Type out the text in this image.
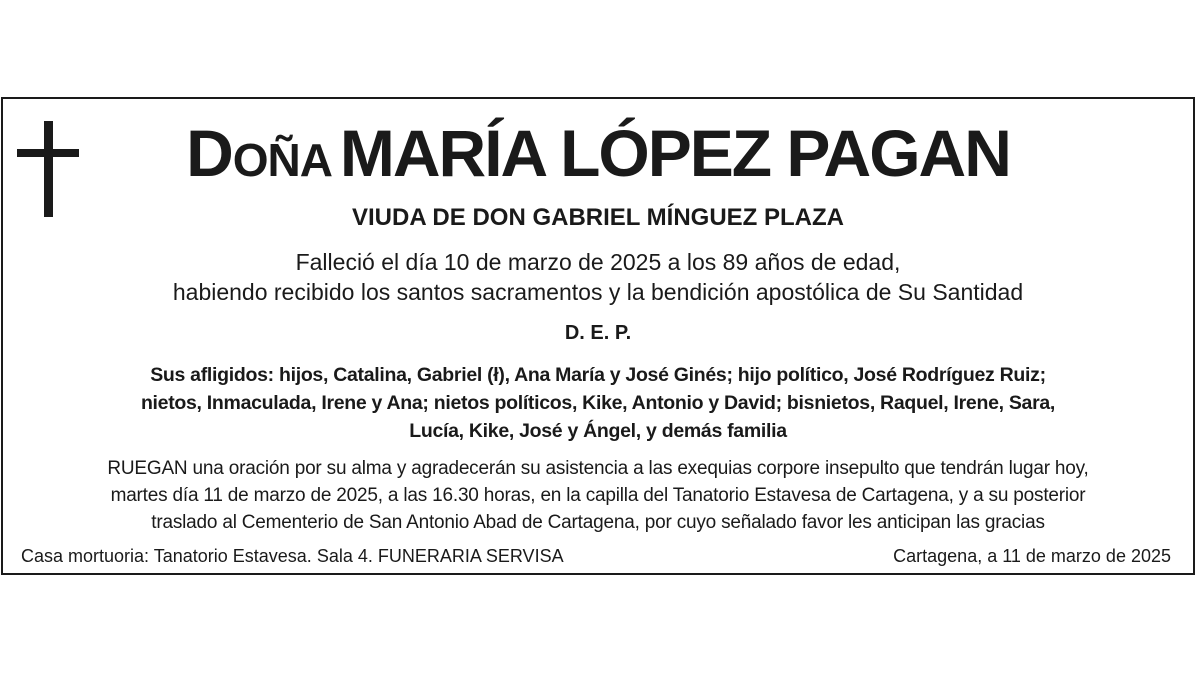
Doña MARÍA LÓPEZ PAGAN

VIUDA DE DON GABRIEL MÍNGUEZ PLAZA

Falleció el día 10 de marzo de 2025 a los 89 años de edad,

habiendo recibido los santos sacramentos y la bendición apostólica de Su Santidad

D. E. P.

Sus afligidos: hijos, Catalina, Gabriel (ł), Ana María y José Ginés; hijo político, José Rodríguez Ruiz;

nietos, Inmaculada, Irene y Ana; nietos políticos, Kike, Antonio y David; bisnietos, Raquel, Irene, Sara,

Lucía, Kike, José y Ángel, y demás familia

RUEGAN una oración por su alma y agradecerán su asistencia a las exequias corpore insepulto que tendrán lugar hoy,

martes día 11 de marzo de 2025, a las 16.30 horas, en la capilla del Tanatorio Estavesa de Cartagena, y a su posterior

traslado al Cementerio de San Antonio Abad de Cartagena, por cuyo señalado favor les anticipan las gracias

Casa mortuoria: Tanatorio Estavesa. Sala 4. FUNERARIA SERVISA	Cartagena, a 11 de marzo de 2025
